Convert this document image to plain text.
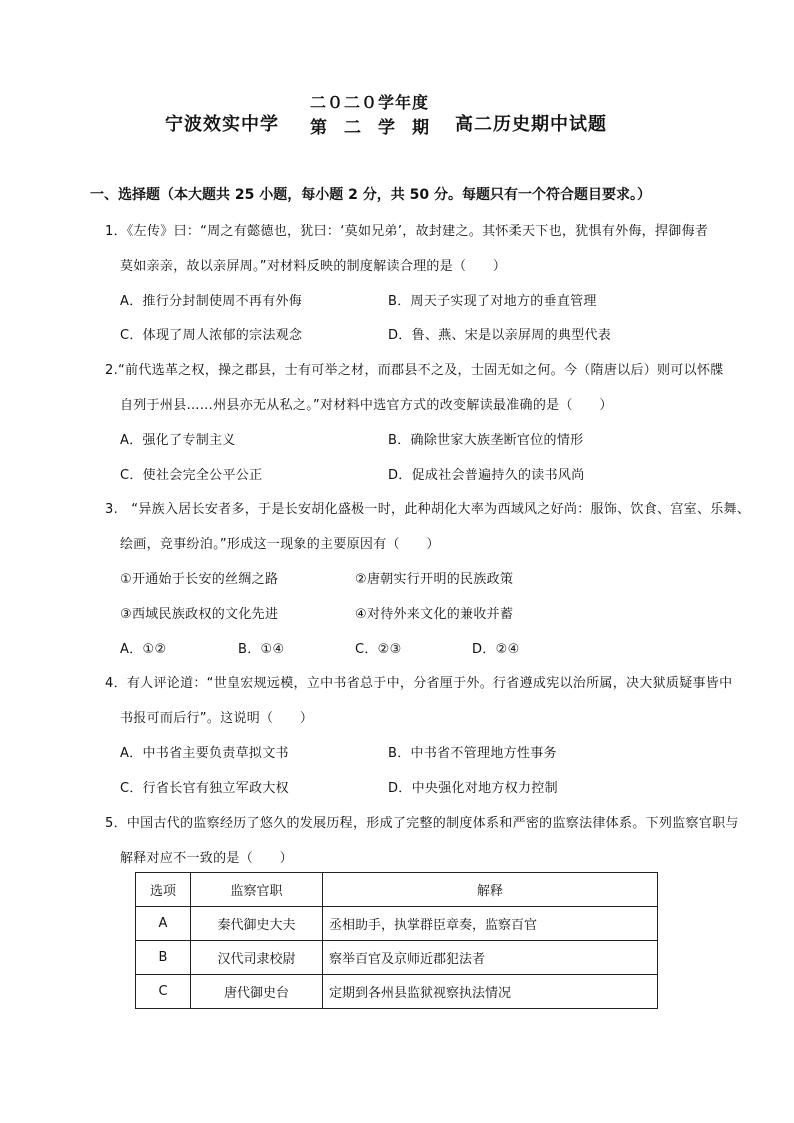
二０二０学年度
宁波效实中学 第　二　学　期 高二历史期中试题
一、选择题（本大题共 25 小题，每小题 2 分，共 50 分。每题只有一个符合题目要求。）
1．《左传》曰：“周之有懿德也，犹曰：‘莫如兄弟’，故封建之。其怀柔天下也，犹惧有外侮，捍御侮者
莫如亲亲，故以亲屏周。”对材料反映的制度解读合理的是（　　）
A．推行分封制使周不再有外侮	B．周天子实现了对地方的垂直管理
C．体现了周人浓郁的宗法观念	D．鲁、燕、宋是以亲屏周的典型代表
2.“前代选革之权，操之郡县，士有可举之材，而郡县不之及，士固无如之何。今（隋唐以后）则可以怀牒
自列于州县……州县亦无从私之。”对材料中选官方式的改变解读最准确的是（　　）
A．强化了专制主义	B．确除世家大族垄断官位的情形
C．使社会完全公平公正	D．促成社会普遍持久的读书风尚
3.　“异族入居长安者多，于是长安胡化盛极一时，此种胡化大率为西域风之好尚：服饰、饮食、宫室、乐舞、
绘画，竞事纷泊。”形成这一现象的主要原因有（　　）
①开通始于长安的丝绸之路	②唐朝实行开明的民族政策
③西域民族政权的文化先进	④对待外来文化的兼收并蓄
A．①②	B．①④	C．②③	D．②④
4．有人评论道：“世皇宏规远模，立中书省总于中，分省厘于外。行省遵成宪以治所属，决大狱质疑事皆中
书报可而后行”。这说明（　　）
A．中书省主要负责草拟文书	B．中书省不管理地方性事务
C．行省长官有独立军政大权	D．中央强化对地方权力控制
5．中国古代的监察经历了悠久的发展历程，形成了完整的制度体系和严密的监察法律体系。下列监察官职与
解释对应不一致的是（　　）
选项	监察官职	解释
A	秦代御史大夫	丞相助手，执掌群臣章奏，监察百官
B	汉代司隶校尉	察举百官及京师近郡犯法者
C	唐代御史台	定期到各州县监狱视察执法情况
